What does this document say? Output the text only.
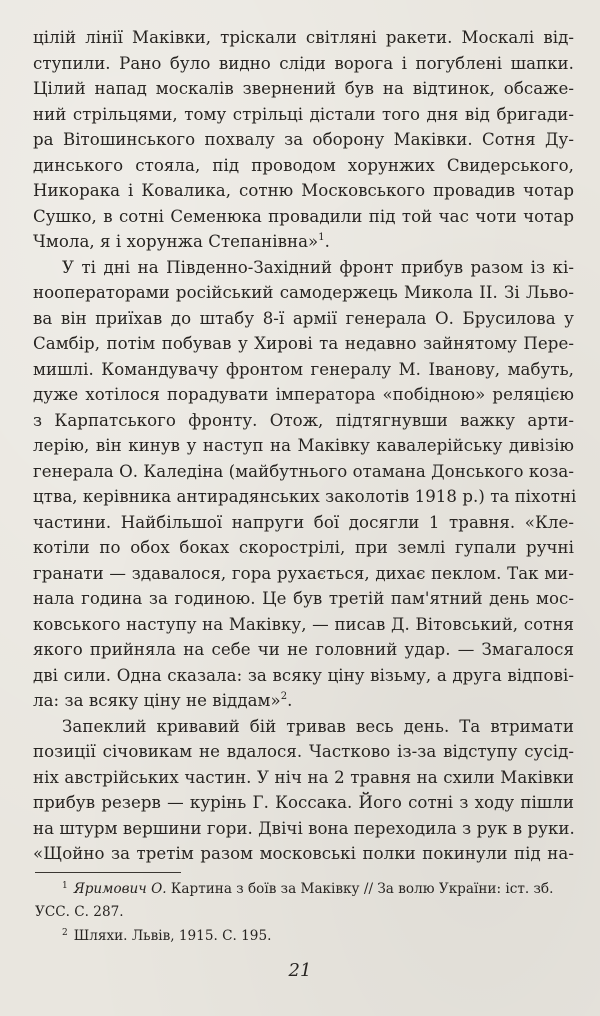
цілій лінії Маківки, тріскали світляні ракети. Москалі від-
ступили. Рано було видно сліди ворога і погублені шапки.
Цілий напад москалів звернений був на відтинок, обсаже-
ний стрільцями, тому стрільці дістали того дня від бригади-
ра Вітошинського похвалу за оборону Маківки. Сотня Ду-
динського стояла, під проводом хорунжих Свидерського,
Никорака і Ковалика, сотню Московського провадив чотар
Сушко, в сотні Семенюка провадили під той час чоти чотар
Чмола, я і хорунжа Степанівна»$^1$.
У ті дні на Південно-Західний фронт прибув разом із кі-
нооператорами російський самодержець Микола II. Зі Льво-
ва він приїхав до штабу 8-ї армії генерала О. Брусилова у
Самбір, потім побував у Хирові та недавно зайнятому Пере-
мишлі. Командувачу фронтом генералу М. Іванову, мабуть,
дуже хотілося порадувати імператора «побідною» реляцією
з Карпатського фронту. Отож, підтягнувши важку арти-
лерію, він кинув у наступ на Маківку кавалерійську дивізію
генерала О. Каледіна (майбутнього отамана Донського коза-
цтва, керівника антирадянських заколотів 1918 р.) та піхотні
частини. Найбільшої напруги бої досягли 1 травня. «Кле-
котіли по обох боках скорострілі, при землі гупали ручні
гранати — здавалося, гора рухається, дихає пеклом. Так ми-
нала година за годиною. Це був третій пам'ятний день мос-
ковського наступу на Маківку, — писав Д. Вітовський, сотня
якого прийняла на себе чи не головний удар. — Змагалося
дві сили. Одна сказала: за всяку ціну візьму, а друга відпові-
ла: за всяку ціну не віддам»$^2$.
Запеклий кривавий бій тривав весь день. Та втримати
позиції січовикам не вдалося. Частково із-за відступу сусід-
ніх австрійських частин. У ніч на 2 травня на схили Маківки
прибув резерв — курінь Г. Коссака. Його сотні з ходу пішли
на штурм вершини гори. Двічі вона переходила з рук в руки.
«Щойно за третім разом московські полки покинули під на-
$^1$ Яримович О. Картина з боїв за Маківку // За волю України: іст. зб.
УСС. С. 287.
$^2$ Шляхи. Львів, 1915. С. 195.
21
